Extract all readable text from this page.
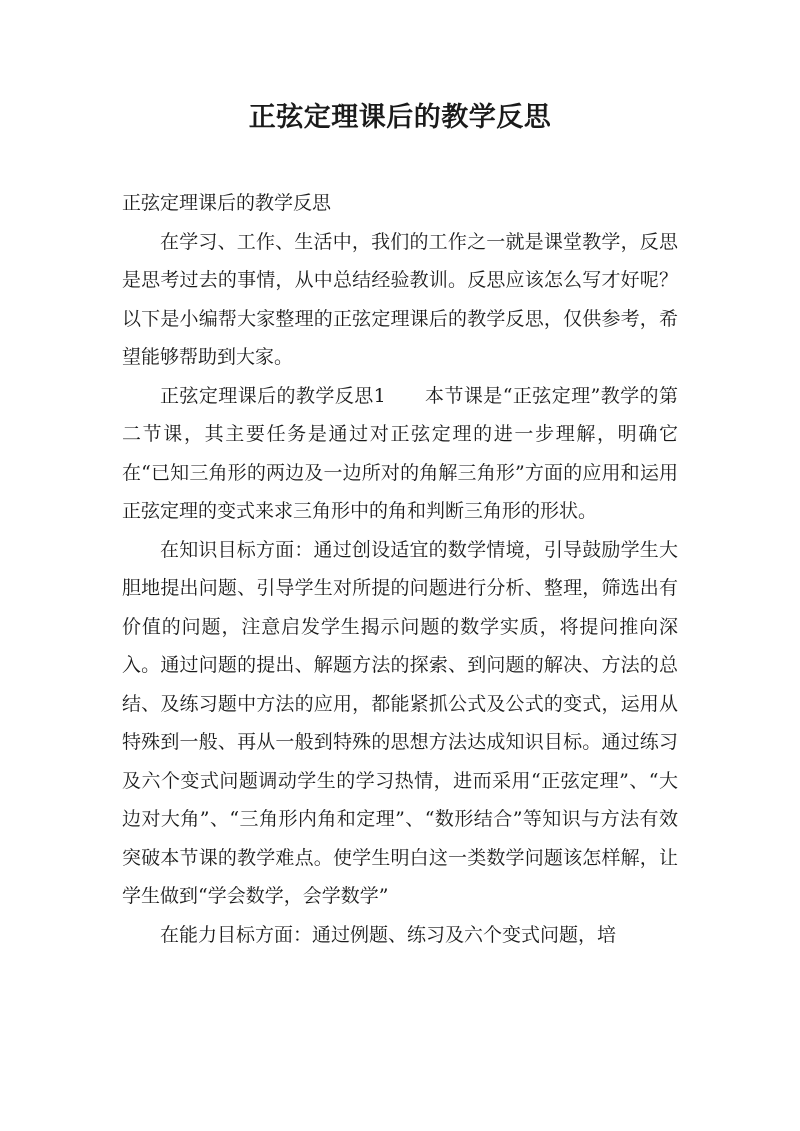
正弦定理课后的教学反思

正弦定理课后的教学反思

在学习、工作、生活中，我们的工作之一就是课堂教学，反思是思考过去的事情，从中总结经验教训。反思应该怎么写才好呢？以下是小编帮大家整理的正弦定理课后的教学反思，仅供参考，希望能够帮助到大家。

正弦定理课后的教学反思1　　本节课是“正弦定理”教学的第二节课，其主要任务是通过对正弦定理的进一步理解，明确它在“已知三角形的两边及一边所对的角解三角形”方面的应用和运用正弦定理的变式来求三角形中的角和判断三角形的形状。

在知识目标方面：通过创设适宜的数学情境，引导鼓励学生大胆地提出问题、引导学生对所提的问题进行分析、整理，筛选出有价值的问题，注意启发学生揭示问题的数学实质，将提问推向深入。通过问题的提出、解题方法的探索、到问题的解决、方法的总结、及练习题中方法的应用，都能紧抓公式及公式的变式，运用从特殊到一般、再从一般到特殊的思想方法达成知识目标。通过练习及六个变式问题调动学生的学习热情，进而采用“正弦定理”、“大边对大角”、“三角形内角和定理”、“数形结合”等知识与方法有效突破本节课的教学难点。使学生明白这一类数学问题该怎样解，让学生做到“学会数学，会学数学”

在能力目标方面：通过例题、练习及六个变式问题，培
